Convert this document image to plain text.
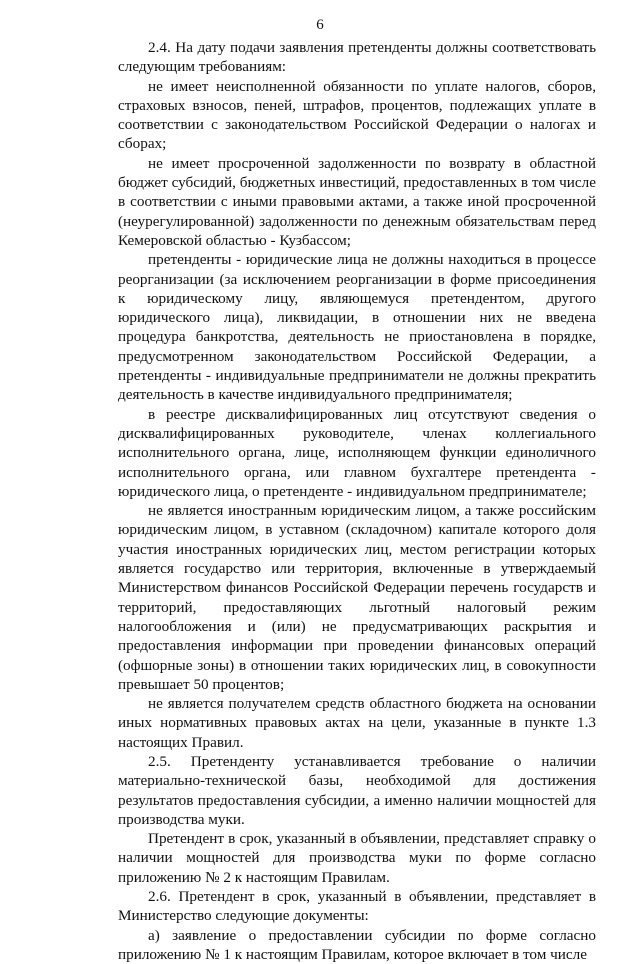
6

2.4. На дату подачи заявления претенденты должны соответствовать следующим требованиям:

не имеет неисполненной обязанности по уплате налогов, сборов, страховых взносов, пеней, штрафов, процентов, подлежащих уплате в соответствии с законодательством Российской Федерации о налогах и сборах;

не имеет просроченной задолженности по возврату в областной бюджет субсидий, бюджетных инвестиций, предоставленных в том числе в соответствии с иными правовыми актами, а также иной просроченной (неурегулированной) задолженности по денежным обязательствам перед Кемеровской областью - Кузбассом;

претенденты - юридические лица не должны находиться в процессе реорганизации (за исключением реорганизации в форме присоединения к юридическому лицу, являющемуся претендентом, другого юридического лица), ликвидации, в отношении них не введена процедура банкротства, деятельность не приостановлена в порядке, предусмотренном законодательством Российской Федерации, а претенденты - индивидуальные предприниматели не должны прекратить деятельность в качестве индивидуального предпринимателя;

в реестре дисквалифицированных лиц отсутствуют сведения о дисквалифицированных руководителе, членах коллегиального исполнительного органа, лице, исполняющем функции единоличного исполнительного органа, или главном бухгалтере претендента - юридического лица, о претенденте - индивидуальном предпринимателе;

не является иностранным юридическим лицом, а также российским юридическим лицом, в уставном (складочном) капитале которого доля участия иностранных юридических лиц, местом регистрации которых является государство или территория, включенные в утверждаемый Министерством финансов Российской Федерации перечень государств и территорий, предоставляющих льготный налоговый режим налогообложения и (или) не предусматривающих раскрытия и предоставления информации при проведении финансовых операций (офшорные зоны) в отношении таких юридических лиц, в совокупности превышает 50 процентов;

не является получателем средств областного бюджета на основании иных нормативных правовых актах на цели, указанные в пункте 1.3 настоящих Правил.

2.5. Претенденту устанавливается требование о наличии материально-технической базы, необходимой для достижения результатов предоставления субсидии, а именно наличии мощностей для производства муки.

Претендент в срок, указанный в объявлении, представляет справку о наличии мощностей для производства муки по форме согласно приложению № 2 к настоящим Правилам.

2.6. Претендент в срок, указанный в объявлении, представляет в Министерство следующие документы:

а) заявление о предоставлении субсидии по форме согласно приложению № 1 к настоящим Правилам, которое включает в том числе
